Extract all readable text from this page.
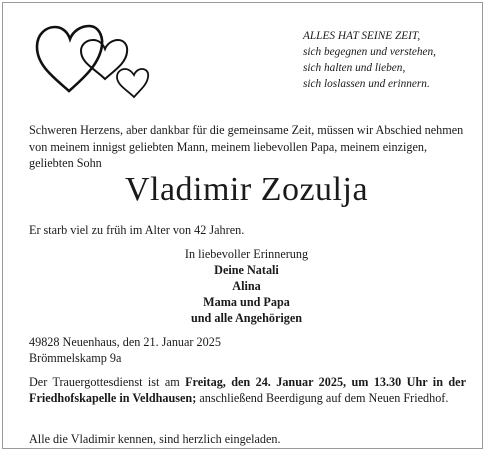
ALLES HAT SEINE ZEIT,
sich begegnen und verstehen,
sich halten und lieben,
sich loslassen und erinnern.
Schweren Herzens, aber dankbar für die gemeinsame Zeit, müssen wir Abschied nehmen von meinem innigst geliebten Mann, meinem liebevollen Papa, meinem einzigen, geliebten Sohn
Vladimir Zozulja
Er starb viel zu früh im Alter von 42 Jahren.
In liebevoller Erinnerung
Deine Natali
Alina
Mama und Papa
und alle Angehörigen
49828 Neuenhaus, den 21. Januar 2025
Brömmelskamp 9a
Der Trauergottesdienst ist am Freitag, den 24. Januar 2025, um 13.30 Uhr in der Friedhofskapelle in Veldhausen; anschließend Beerdigung auf dem Neuen Friedhof.
Alle die Vladimir kennen, sind herzlich eingeladen.
